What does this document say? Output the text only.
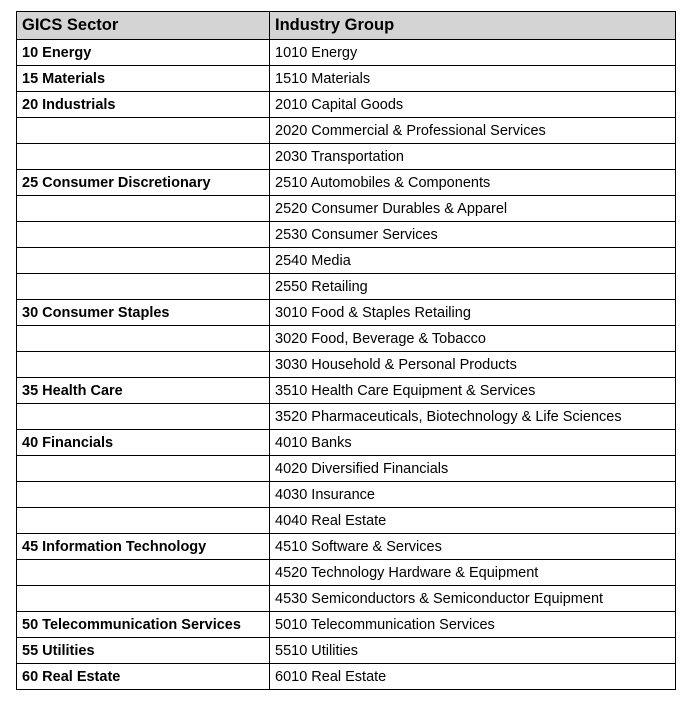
GICS Sector	Industry Group
10 Energy	1010 Energy
15 Materials	1510 Materials
20 Industrials	2010 Capital Goods
	2020 Commercial & Professional Services
	2030 Transportation
25 Consumer Discretionary	2510 Automobiles & Components
	2520 Consumer Durables & Apparel
	2530 Consumer Services
	2540 Media
	2550 Retailing
30 Consumer Staples	3010 Food & Staples Retailing
	3020 Food, Beverage & Tobacco
	3030 Household & Personal Products
35 Health Care	3510 Health Care Equipment & Services
	3520 Pharmaceuticals, Biotechnology & Life Sciences
40 Financials	4010 Banks
	4020 Diversified Financials
	4030 Insurance
	4040 Real Estate
45 Information Technology	4510 Software & Services
	4520 Technology Hardware & Equipment
	4530 Semiconductors & Semiconductor Equipment
50 Telecommunication Services	5010 Telecommunication Services
55 Utilities	5510 Utilities
60 Real Estate	6010 Real Estate
